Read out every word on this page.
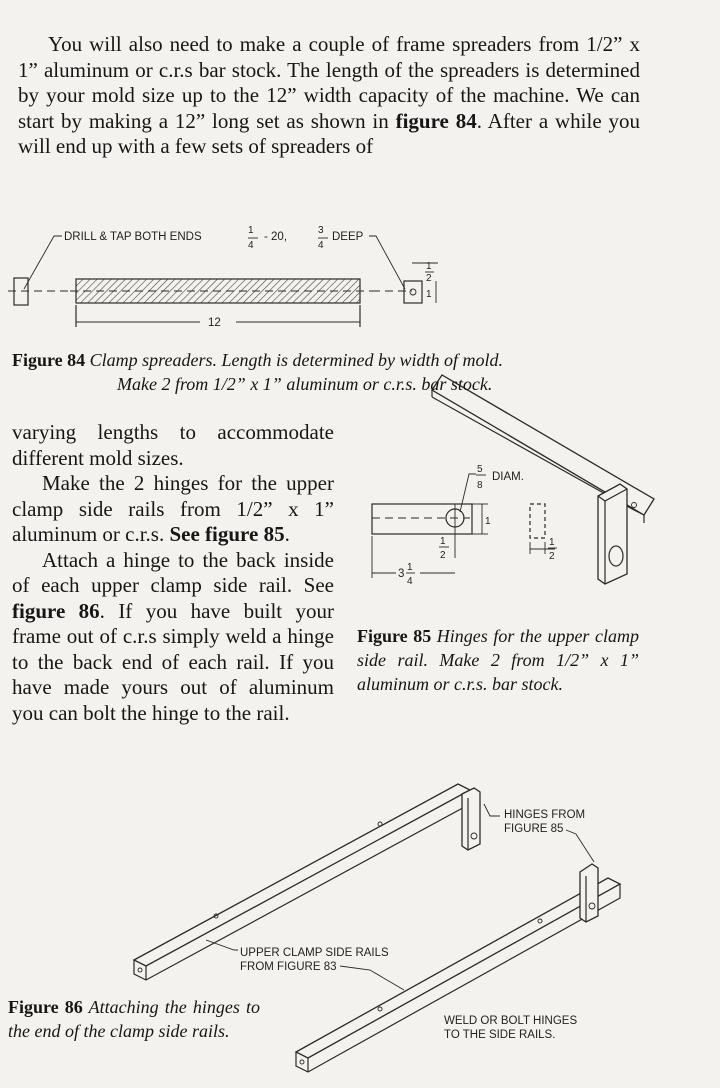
You will also need to make a couple of frame spreaders from 1/2” x 1” aluminum or c.r.s bar stock. The length of the spreaders is determined by your mold size up to the 12” width capacity of the machine. We can start by making a 12” long set as shown in figure 84. After a while you will end up with a few sets of spreaders of

DRILL & TAP BOTH ENDS
1
4
- 20,
3
4
DEEP
12
1
2
1

Figure 84 Clamp spreaders. Length is determined by width of mold.
Make 2 from 1/2” x 1” aluminum or c.r.s. bar stock.

varying lengths to accommodate different mold sizes.
Make the 2 hinges for the upper clamp side rails from 1/2” x 1” aluminum or c.r.s. See figure 85.
Attach a hinge to the back inside of each upper clamp side rail. See figure 86. If you have built your frame out of c.r.s simply weld a hinge to the back end of each rail. If you have made yours out of aluminum you can bolt the hinge to the rail.
5
8
DIAM.
1
1
2
3
1
4
1
2

Figure 85 Hinges for the upper clamp side rail. Make 2 from 1/2” x 1” aluminum or c.r.s. bar stock.

HINGES FROM
FIGURE 85
UPPER CLAMP SIDE RAILS
FROM FIGURE 83
WELD OR BOLT HINGES
TO THE SIDE RAILS.

Figure 86 Attaching the hinges to the end of the clamp side rails.
